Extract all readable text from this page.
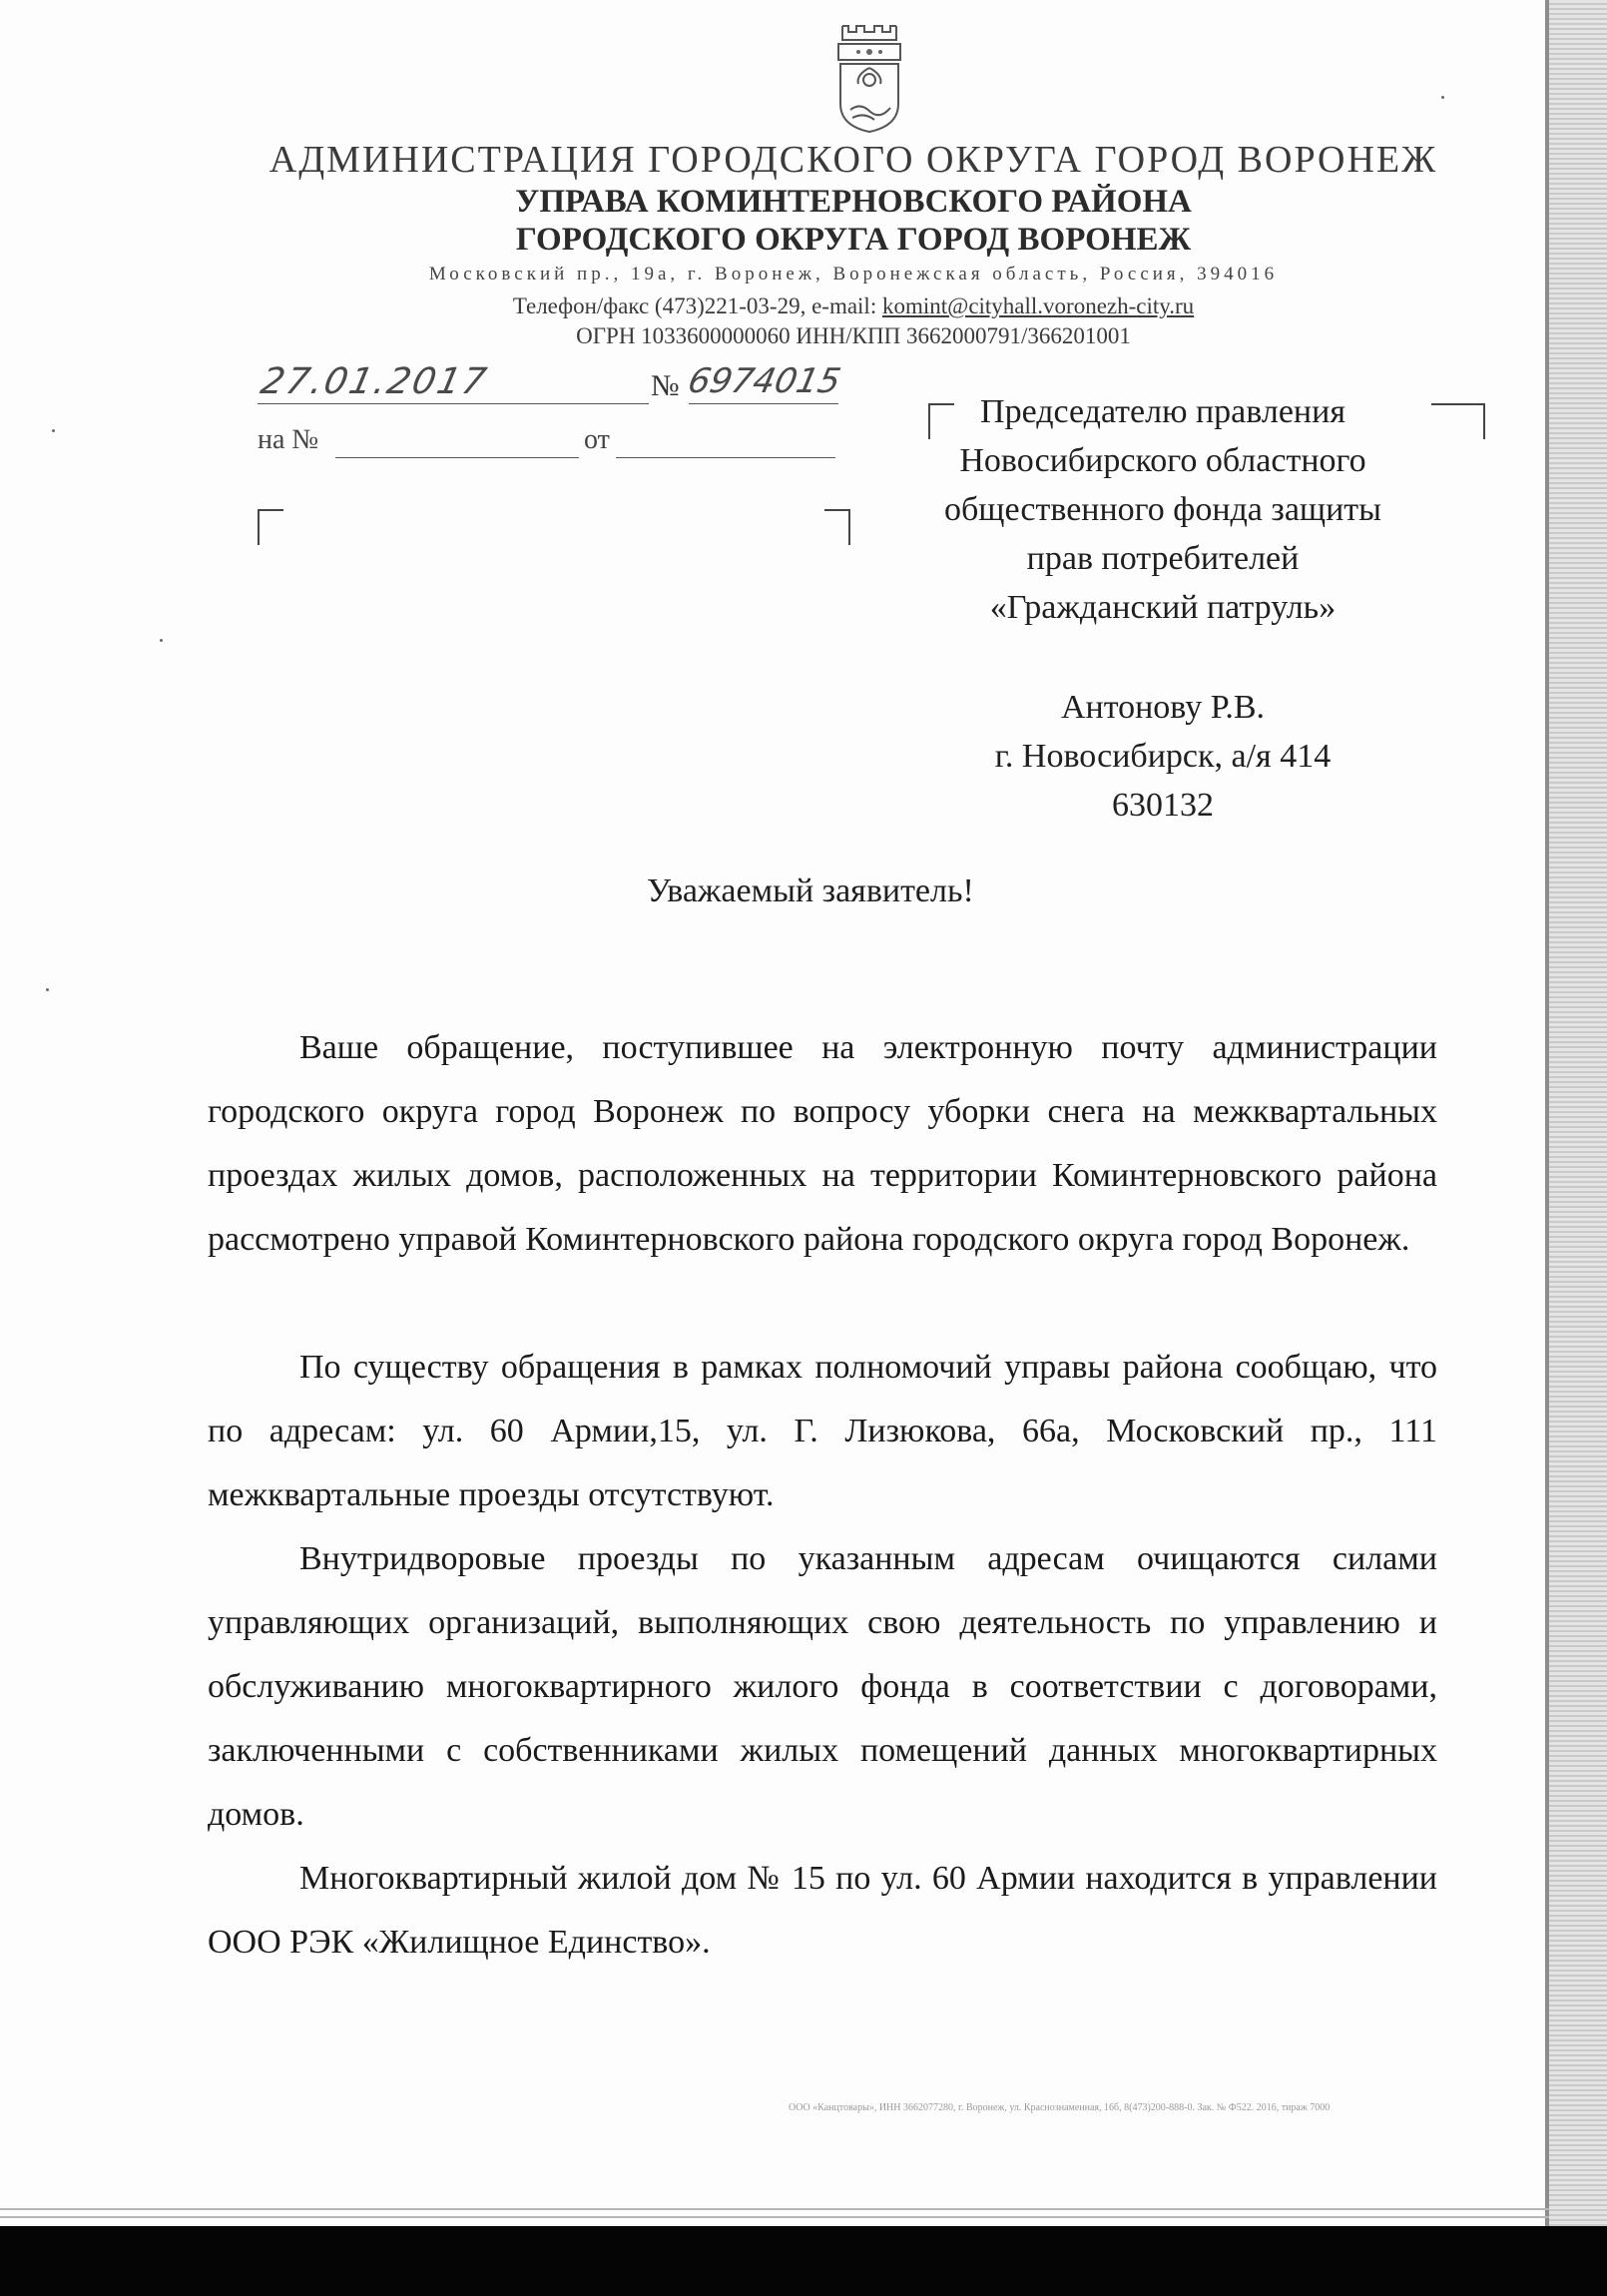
АДМИНИСТРАЦИЯ ГОРОДСКОГО ОКРУГА ГОРОД ВОРОНЕЖ
УПРАВА КОМИНТЕРНОВСКОГО РАЙОНА
ГОРОДСКОГО ОКРУГА ГОРОД ВОРОНЕЖ
Московский пр., 19а, г. Воронеж, Воронежская область, Россия, 394016
Телефон/факс (473)221-03-29, e-mail: komint@cityhall.voronezh-city.ru
ОГРН 1033600000060 ИНН/КПП 3662000791/366201001
27.01.2017	№ 6974015
на №	от
Председателю правления
Новосибирского областного
общественного фонда защиты
прав потребителей
«Гражданский патруль»
Антонову Р.В.
г. Новосибирск, а/я 414
630132
Уважаемый заявитель!

Ваше обращение, поступившее на электронную почту администрации городского округа город Воронеж по вопросу уборки снега на межквартальных проездах жилых домов, расположенных на территории Коминтерновского района рассмотрено управой Коминтерновского района городского округа город Воронеж.

По существу обращения в рамках полномочий управы района сообщаю, что по адресам: ул. 60 Армии,15, ул. Г. Лизюкова, 66а, Московский пр., 111 межквартальные проезды отсутствуют.

Внутридворовые проезды по указанным адресам очищаются силами управляющих организаций, выполняющих свою деятельность по управлению и обслуживанию многоквартирного жилого фонда в соответствии с договорами, заключенными с собственниками жилых помещений данных многоквартирных домов.

Многоквартирный жилой дом № 15 по ул. 60 Армии находится в управлении ООО РЭК «Жилищное Единство».

ООО «Канцтовары», ИНН 3662077280, г. Воронеж, ул. Краснознаменная, 16б, 8(473)200-888-0. Зак. № Ф522. 2016, тираж 7000
